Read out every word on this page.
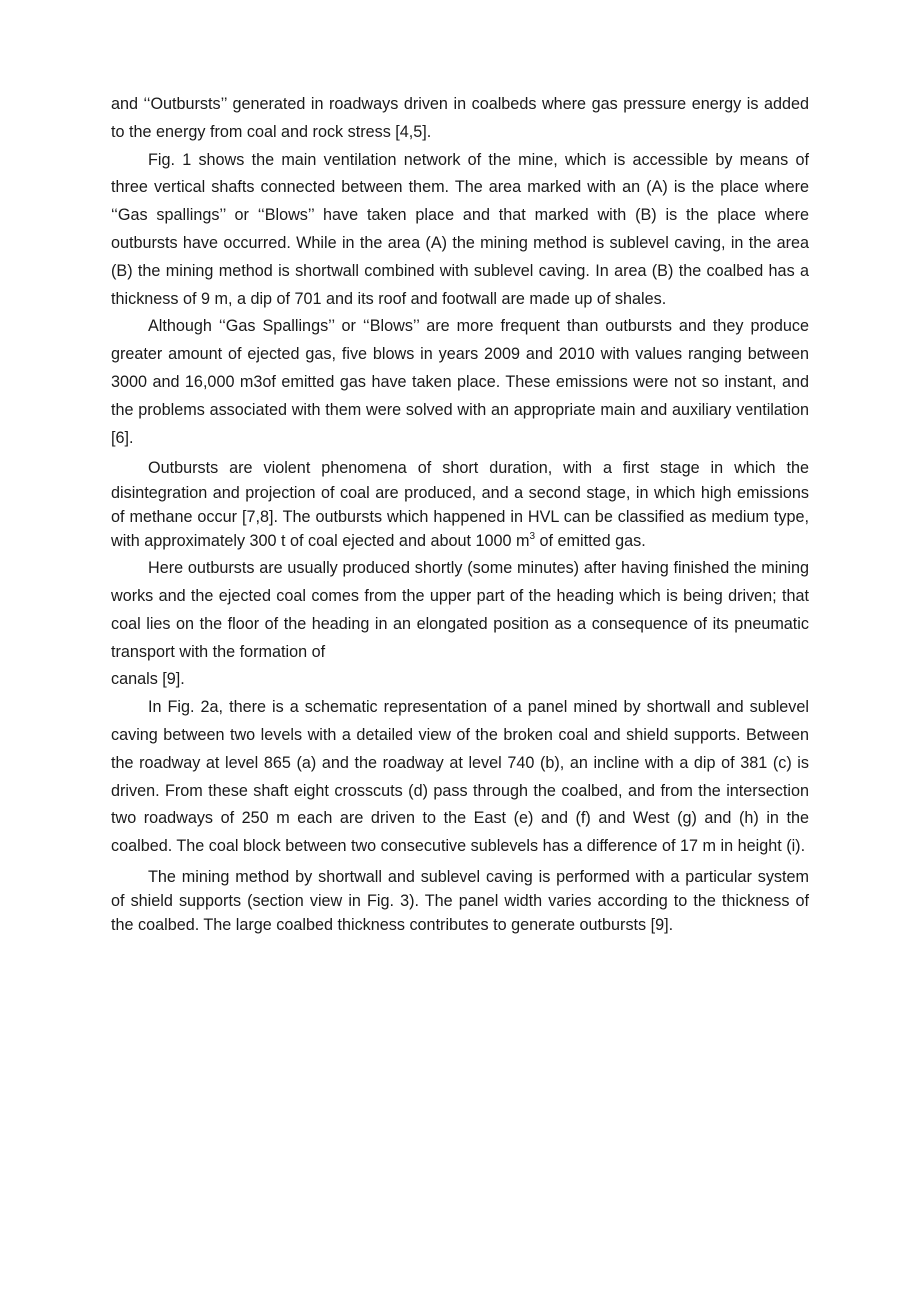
and ‘‘Outbursts’’ generated in roadways driven in coalbeds where gas pressure energy is added to the energy from coal and rock stress [4,5].

Fig. 1 shows the main ventilation network of the mine, which is accessible by means of three vertical shafts connected between them. The area marked with an (A) is the place where ‘‘Gas spallings’’ or ‘‘Blows’’ have taken place and that marked with (B) is the place where outbursts have occurred. While in the area (A) the mining method is sublevel caving, in the area (B) the mining method is shortwall combined with sublevel caving. In area (B) the coalbed has a thickness of 9 m, a dip of 701 and its roof and footwall are made up of shales.

Although ‘‘Gas Spallings’’ or ‘‘Blows’’ are more frequent than outbursts and they produce greater amount of ejected gas, five blows in years 2009 and 2010 with values ranging between 3000 and 16,000 m3of emitted gas have taken place. These emissions were not so instant, and the problems associated with them were solved with an appropriate main and auxiliary ventilation [6].

Outbursts are violent phenomena of short duration, with a first stage in which the disintegration and projection of coal are produced, and a second stage, in which high emissions of methane occur [7,8]. The outbursts which happened in HVL can be classified as medium type, with approximately 300 t of coal ejected and about 1000 $m^3$ of emitted gas.

Here outbursts are usually produced shortly (some minutes) after having finished the mining works and the ejected coal comes from the upper part of the heading which is being driven; that coal lies on the floor of the heading in an elongated position as a consequence of its pneumatic transport with the formation of

canals [9].

In Fig. 2a, there is a schematic representation of a panel mined by shortwall and sublevel caving between two levels with a detailed view of the broken coal and shield supports. Between the roadway at level 865 (a) and the roadway at level 740 (b), an incline with a dip of 381 (c) is driven. From these shaft eight crosscuts (d) pass through the coalbed, and from the intersection two roadways of 250 m each are driven to the East (e) and (f) and West (g) and (h) in the coalbed. The coal block between two consecutive sublevels has a difference of 17 m in height (i).

The mining method by shortwall and sublevel caving is performed with a particular system of shield supports (section view in Fig. 3). The panel width varies according to the thickness of the coalbed. The large coalbed thickness contributes to generate outbursts [9].
